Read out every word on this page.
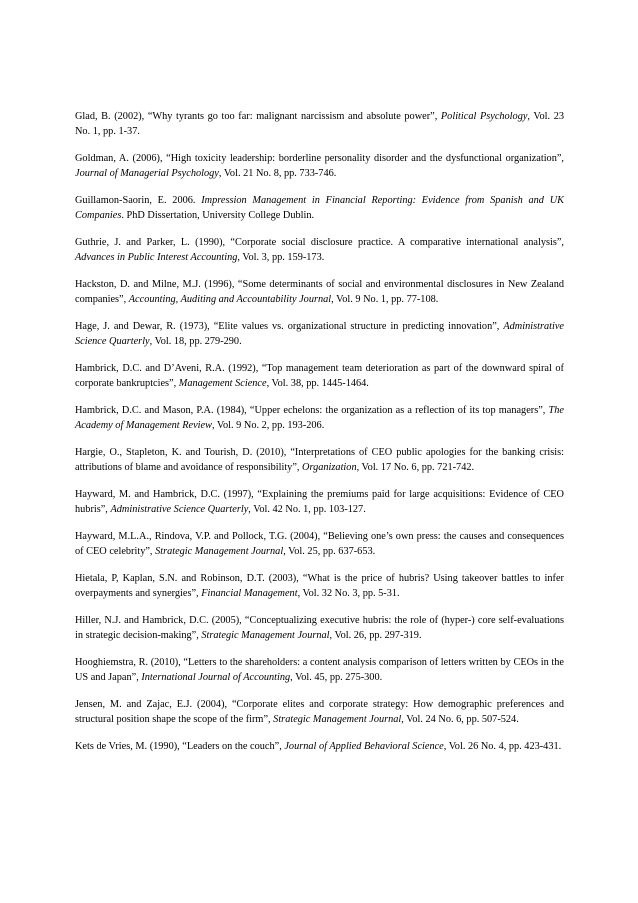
Glad, B. (2002), “Why tyrants go too far: malignant narcissism and absolute power”, Political Psychology, Vol. 23 No. 1, pp. 1-37.
Goldman, A. (2006), “High toxicity leadership: borderline personality disorder and the dysfunctional organization”, Journal of Managerial Psychology, Vol. 21 No. 8, pp. 733-746.
Guillamon-Saorin, E. 2006. Impression Management in Financial Reporting: Evidence from Spanish and UK Companies. PhD Dissertation, University College Dublin.
Guthrie, J. and Parker, L. (1990), “Corporate social disclosure practice. A comparative international analysis”, Advances in Public Interest Accounting, Vol. 3, pp. 159-173.
Hackston, D. and Milne, M.J. (1996), “Some determinants of social and environmental disclosures in New Zealand companies”, Accounting, Auditing and Accountability Journal, Vol. 9 No. 1, pp. 77-108.
Hage, J. and Dewar, R. (1973), “Elite values vs. organizational structure in predicting innovation”, Administrative Science Quarterly, Vol. 18, pp. 279-290.
Hambrick, D.C. and D’Aveni, R.A. (1992), “Top management team deterioration as part of the downward spiral of corporate bankruptcies”, Management Science, Vol. 38, pp. 1445-1464.
Hambrick, D.C. and Mason, P.A. (1984), “Upper echelons: the organization as a reflection of its top managers”, The Academy of Management Review, Vol. 9 No. 2, pp. 193-206.
Hargie, O., Stapleton, K. and Tourish, D. (2010), “Interpretations of CEO public apologies for the banking crisis: attributions of blame and avoidance of responsibility”, Organization, Vol. 17 No. 6, pp. 721-742.
Hayward, M. and Hambrick, D.C. (1997), “Explaining the premiums paid for large acquisitions: Evidence of CEO hubris”, Administrative Science Quarterly, Vol. 42 No. 1, pp. 103-127.
Hayward, M.L.A., Rindova, V.P. and Pollock, T.G. (2004), “Believing one’s own press: the causes and consequences of CEO celebrity”, Strategic Management Journal, Vol. 25, pp. 637-653.
Hietala, P, Kaplan, S.N. and Robinson, D.T. (2003), “What is the price of hubris? Using takeover battles to infer overpayments and synergies”, Financial Management, Vol. 32 No. 3, pp. 5-31.
Hiller, N.J. and Hambrick, D.C. (2005), “Conceptualizing executive hubris: the role of (hyper-) core self-evaluations in strategic decision-making”, Strategic Management Journal, Vol. 26, pp. 297-319.
Hooghiemstra, R. (2010), “Letters to the shareholders: a content analysis comparison of letters written by CEOs in the US and Japan”, International Journal of Accounting, Vol. 45, pp. 275-300.
Jensen, M. and Zajac, E.J. (2004), “Corporate elites and corporate strategy: How demographic preferences and structural position shape the scope of the firm”, Strategic Management Journal, Vol. 24 No. 6, pp. 507-524.
Kets de Vries, M. (1990), “Leaders on the couch”, Journal of Applied Behavioral Science, Vol. 26 No. 4, pp. 423-431.
